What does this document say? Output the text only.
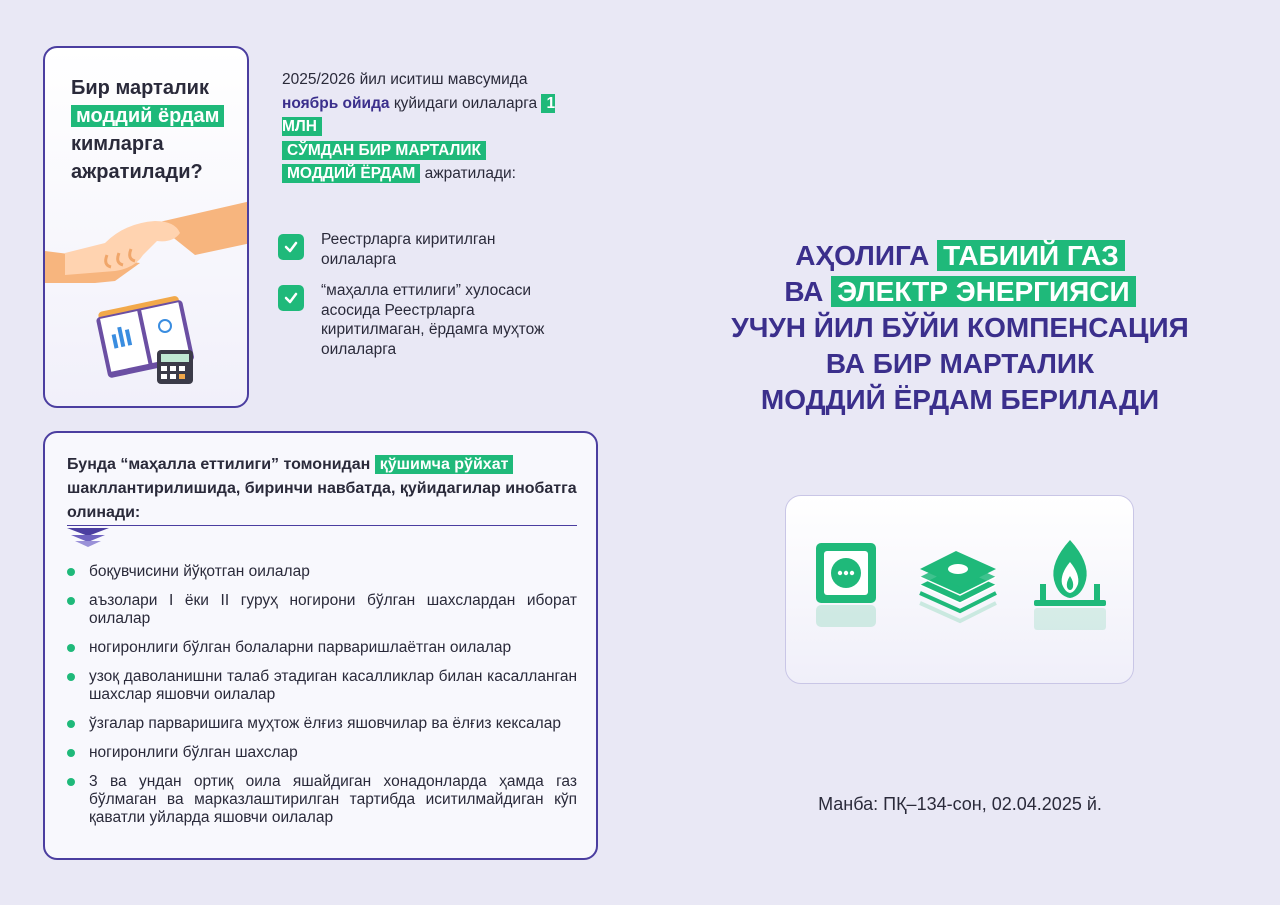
Бир марталик
моддий ёрдам
кимларга
ажратилади?
2025/2026 йил иситиш мавсумида ноябрь ойида қуйидаги оилаларга 1 МЛН
СЎМДАН БИР МАРТАЛИК
МОДДИЙ ЁРДАМ ажратилади:
Реестрларга киритилган оилаларга
“маҳалла еттилиги” хулосаси асосида Реестрларга киритилмаган, ёрдамга муҳтож оилаларга
Бунда “маҳалла еттилиги” томонидан қўшимча рўйхат шакллантирилишида, биринчи навбатда, қуйидагилар инобатга олинади:
боқувчисини йўқотган оилалар
аъзолари I ёки II гуруҳ ногирони бўлган шахслардан иборат оилалар
ногиронлиги бўлган болаларни парваришлаётган оилалар
узоқ даволанишни талаб этадиган касалликлар билан касалланган шахслар яшовчи оилалар
ўзгалар парваришига муҳтож ёлғиз яшовчилар ва ёлғиз кексалар
ногиронлиги бўлган шахслар
3 ва ундан ортиқ оила яшайдиган хонадонларда ҳамда газ бўлмаган ва марказлаштирилган тартибда иситилмайдиган кўп қаватли уйларда яшовчи оилалар
АҲОЛИГА ТАБИИЙ ГАЗ
ВА ЭЛЕКТР ЭНЕРГИЯСИ
УЧУН ЙИЛ БЎЙИ КОМПЕНСАЦИЯ
ВА БИР МАРТАЛИК
МОДДИЙ ЁРДАМ БЕРИЛАДИ
Манба: ПҚ–134-сон, 02.04.2025 й.
